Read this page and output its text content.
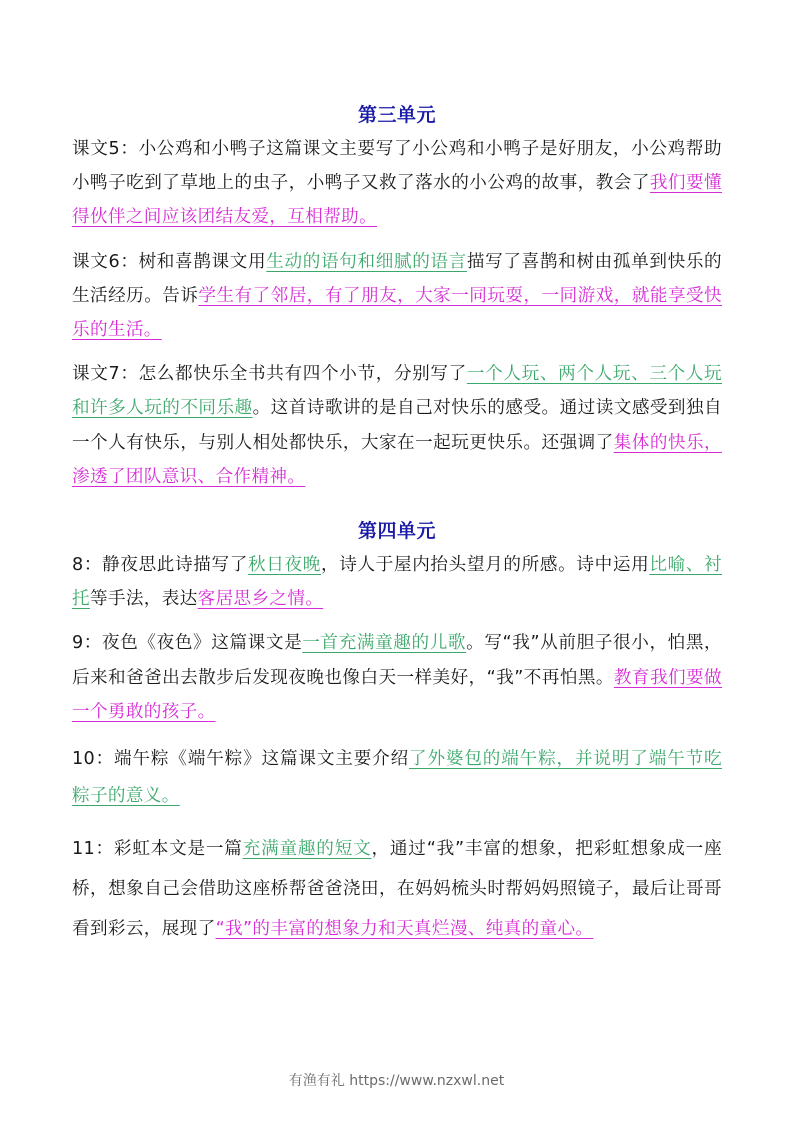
第三单元

课文5：小公鸡和小鸭子这篇课文主要写了小公鸡和小鸭子是好朋友，小公鸡帮助小鸭子吃到了草地上的虫子，小鸭子又救了落水的小公鸡的故事，教会了我们要懂得伙伴之间应该团结友爱，互相帮助。

课文6：树和喜鹊课文用生动的语句和细腻的语言描写了喜鹊和树由孤单到快乐的生活经历。告诉学生有了邻居，有了朋友，大家一同玩耍，一同游戏，就能享受快乐的生活。

课文7：怎么都快乐全书共有四个小节，分别写了一个人玩、两个人玩、三个人玩和许多人玩的不同乐趣。这首诗歌讲的是自己对快乐的感受。通过读文感受到独自一个人有快乐，与别人相处都快乐，大家在一起玩更快乐。还强调了集体的快乐，渗透了团队意识、合作精神。

第四单元

8：静夜思此诗描写了秋日夜晚，诗人于屋内抬头望月的所感。诗中运用比喻、衬托等手法，表达客居思乡之情。

9：夜色《夜色》这篇课文是一首充满童趣的儿歌。写“我”从前胆子很小，怕黑，后来和爸爸出去散步后发现夜晚也像白天一样美好，“我”不再怕黑。教育我们要做一个勇敢的孩子。

10：端午粽《端午粽》这篇课文主要介绍了外婆包的端午粽，并说明了端午节吃粽子的意义。

11：彩虹本文是一篇充满童趣的短文，通过“我”丰富的想象，把彩虹想象成一座桥，想象自己会借助这座桥帮爸爸浇田，在妈妈梳头时帮妈妈照镜子，最后让哥哥看到彩云，展现了“我”的丰富的想象力和天真烂漫、纯真的童心。

有渔有礼 https://www.nzxwl.net
